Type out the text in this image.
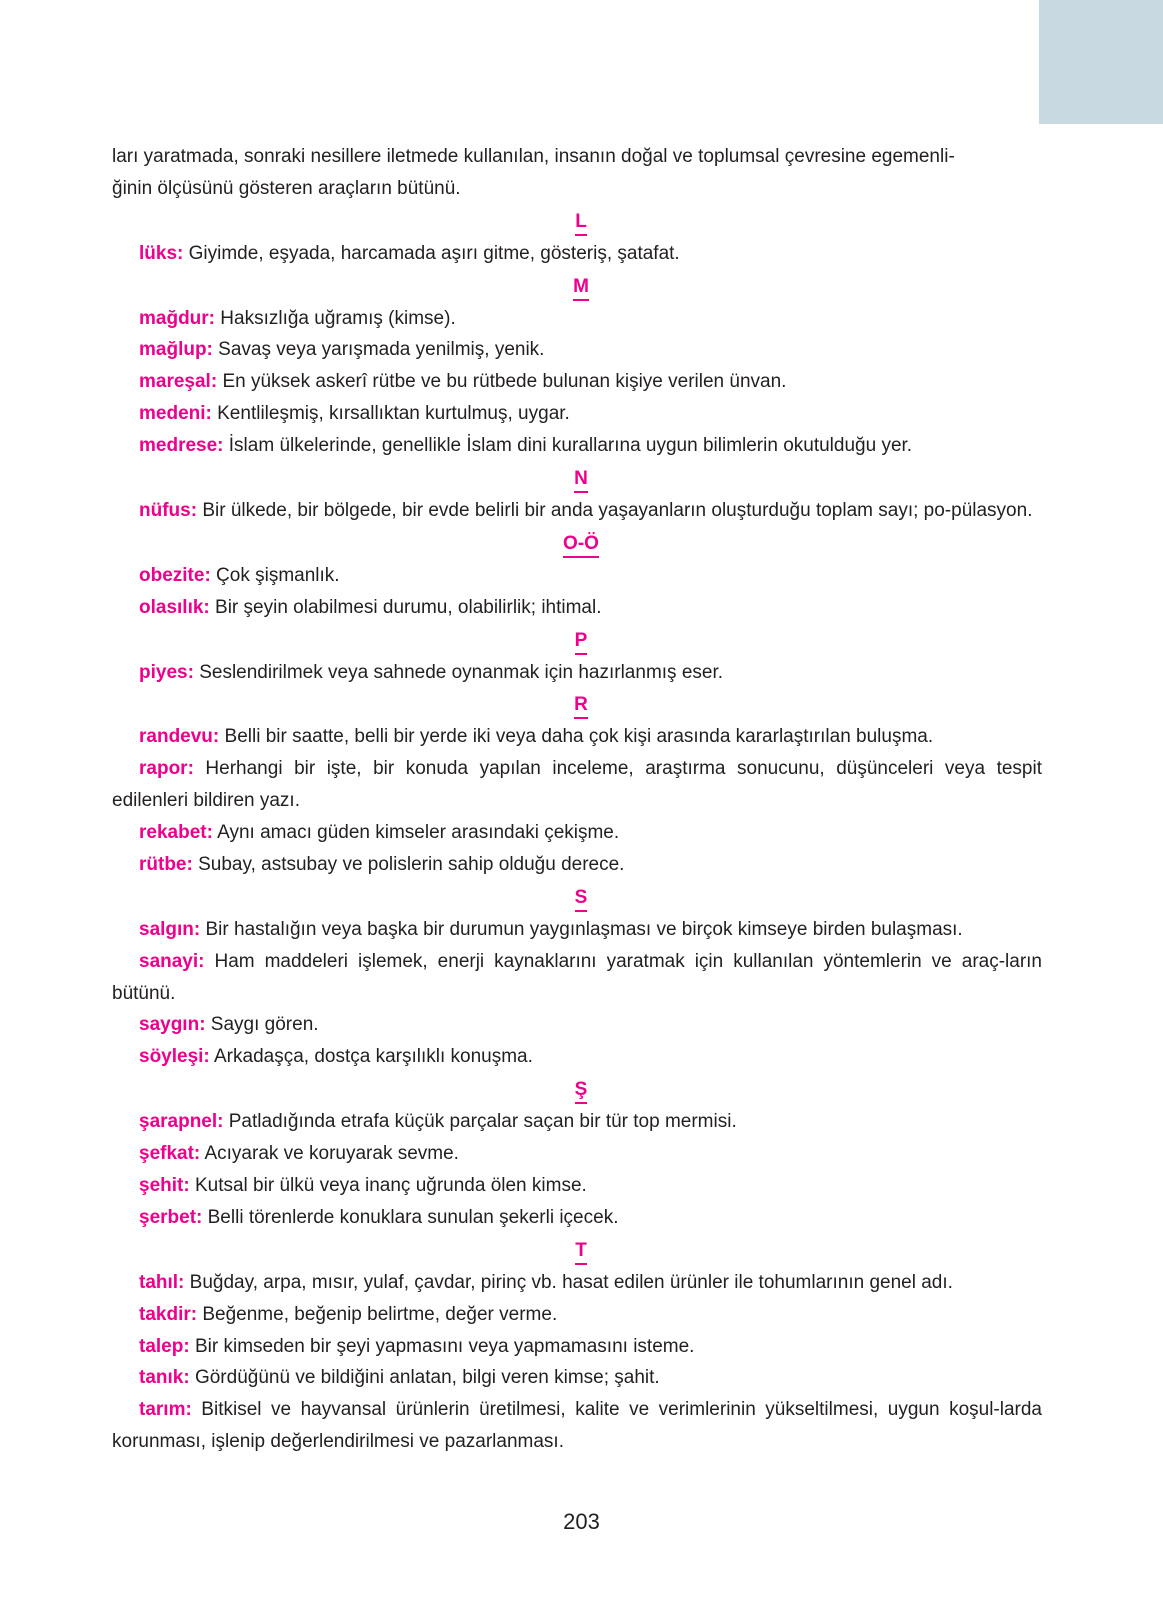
ları yaratmada, sonraki nesillere iletmede kullanılan, insanın doğal ve toplumsal çevresine egemenli-
ğinin ölçüsünü gösteren araçların bütünü.

L

lüks: Giyimde, eşyada, harcamada aşırı gitme, gösteriş, şatafat.

M

mağdur: Haksızlığa uğramış (kimse).

mağlup: Savaş veya yarışmada yenilmiş, yenik.

mareşal: En yüksek askerî rütbe ve bu rütbede bulunan kişiye verilen ünvan.

medeni: Kentlileşmiş, kırsallıktan kurtulmuş, uygar.

medrese: İslam ülkelerinde, genellikle İslam dini kurallarına uygun bilimlerin okutulduğu yer.

N

nüfus: Bir ülkede, bir bölgede, bir evde belirli bir anda yaşayanların oluşturduğu toplam sayı; po-pülasyon.

O-Ö

obezite: Çok şişmanlık.

olasılık: Bir şeyin olabilmesi durumu, olabilirlik; ihtimal.

P

piyes: Seslendirilmek veya sahnede oynanmak için hazırlanmış eser.

R

randevu: Belli bir saatte, belli bir yerde iki veya daha çok kişi arasında kararlaştırılan buluşma.

rapor: Herhangi bir işte, bir konuda yapılan inceleme, araştırma sonucunu, düşünceleri veya tespit edilenleri bildiren yazı.

rekabet: Aynı amacı güden kimseler arasındaki çekişme.

rütbe: Subay, astsubay ve polislerin sahip olduğu derece.

S

salgın: Bir hastalığın veya başka bir durumun yaygınlaşması ve birçok kimseye birden bulaşması.

sanayi: Ham maddeleri işlemek, enerji kaynaklarını yaratmak için kullanılan yöntemlerin ve araç-ların bütünü.

saygın: Saygı gören.

söyleşi: Arkadaşça, dostça karşılıklı konuşma.

Ş

şarapnel: Patladığında etrafa küçük parçalar saçan bir tür top mermisi.

şefkat: Acıyarak ve koruyarak sevme.

şehit: Kutsal bir ülkü veya inanç uğrunda ölen kimse.

şerbet: Belli törenlerde konuklara sunulan şekerli içecek.

T

tahıl: Buğday, arpa, mısır, yulaf, çavdar, pirinç vb. hasat edilen ürünler ile tohumlarının genel adı.

takdir: Beğenme, beğenip belirtme, değer verme.

talep: Bir kimseden bir şeyi yapmasını veya yapmamasını isteme.

tanık: Gördüğünü ve bildiğini anlatan, bilgi veren kimse; şahit.

tarım: Bitkisel ve hayvansal ürünlerin üretilmesi, kalite ve verimlerinin yükseltilmesi, uygun koşul-larda korunması, işlenip değerlendirilmesi ve pazarlanması.

203
